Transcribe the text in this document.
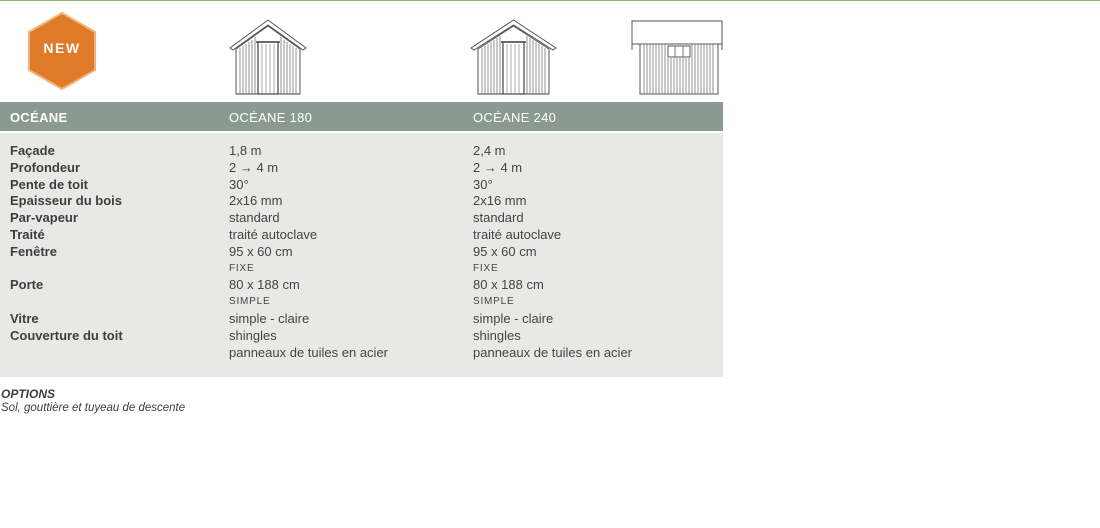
NEW
OCÉANE	OCÉANE 180	OCÉANE 240
Façade
Profondeur
Pente de toit
Epaisseur du bois
Par-vapeur
Traité
Fenêtre
Porte
Vitre
Couverture du toit
1,8 m
2 → 4 m
30°
2x16 mm
standard
traité autoclave
95 x 60 cm
FIXE
80 x 188 cm
SIMPLE
simple - claire
shingles
panneaux de tuiles en acier
2,4 m
2 → 4 m
30°
2x16 mm
standard
traité autoclave
95 x 60 cm
FIXE
80 x 188 cm
SIMPLE
simple - claire
shingles
panneaux de tuiles en acier
OPTIONS
Sol, gouttière et tuyeau de descente
